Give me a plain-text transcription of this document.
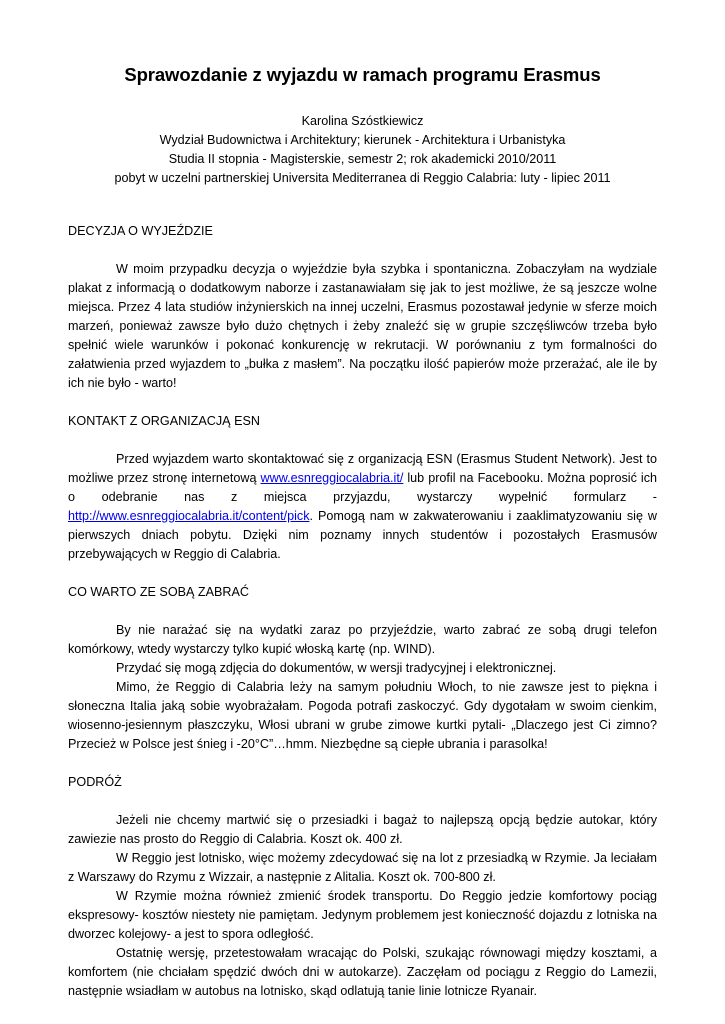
Sprawozdanie z wyjazdu w ramach programu Erasmus
Karolina Szóstkiewicz
Wydział Budownictwa i Architektury; kierunek - Architektura i Urbanistyka
Studia II stopnia - Magisterskie, semestr 2; rok akademicki 2010/2011
pobyt w uczelni partnerskiej Universita Mediterranea di Reggio Calabria: luty - lipiec 2011
DECYZJA O WYJEŹDZIE

W moim przypadku decyzja o wyjeździe była szybka i spontaniczna. Zobaczyłam na wydziale plakat z informacją o dodatkowym naborze i zastanawiałam się jak to jest możliwe, że są jeszcze wolne miejsca. Przez 4 lata studiów inżynierskich na innej uczelni, Erasmus pozostawał jedynie w sferze moich marzeń, ponieważ zawsze było dużo chętnych i żeby znaleźć się w grupie szczęśliwców trzeba było spełnić wiele warunków i pokonać konkurencję w rekrutacji. W porównaniu z tym formalności do załatwienia przed wyjazdem to „bułka z masłem”. Na początku ilość papierów może przerażać, ale ile by ich nie było - warto!

KONTAKT Z ORGANIZACJĄ ESN

Przed wyjazdem warto skontaktować się z organizacją ESN (Erasmus Student Network). Jest to możliwe przez stronę internetową www.esnreggiocalabria.it/ lub profil na Facebooku. Można poprosić ich o odebranie nas z miejsca przyjazdu, wystarczy wypełnić formularz - http://www.esnreggiocalabria.it/content/pick. Pomogą nam w zakwaterowaniu i zaaklimatyzowaniu się w pierwszych dniach pobytu. Dzięki nim poznamy innych studentów i pozostałych Erasmusów przebywających w Reggio di Calabria.

CO WARTO ZE SOBĄ ZABRAĆ

By nie narażać się na wydatki zaraz po przyjeździe, warto zabrać ze sobą drugi telefon komórkowy, wtedy wystarczy tylko kupić włoską kartę (np. WIND).

Przydać się mogą zdjęcia do dokumentów, w wersji tradycyjnej i elektronicznej.

Mimo, że Reggio di Calabria leży na samym południu Włoch, to nie zawsze jest to piękna i słoneczna Italia jaką sobie wyobrażałam. Pogoda potrafi zaskoczyć. Gdy dygotałam w swoim cienkim, wiosenno-jesiennym płaszczyku, Włosi ubrani w grube zimowe kurtki pytali- „Dlaczego jest Ci zimno? Przecież w Polsce jest śnieg i -20°C”…hmm. Niezbędne są ciepłe ubrania i parasolka!

PODRÓŻ

Jeżeli nie chcemy martwić się o przesiadki i bagaż to najlepszą opcją będzie autokar, który zawiezie nas prosto do Reggio di Calabria. Koszt ok. 400 zł.

W Reggio jest lotnisko, więc możemy zdecydować się na lot z przesiadką w Rzymie. Ja leciałam z Warszawy do Rzymu z Wizzair, a następnie z Alitalia. Koszt ok. 700-800 zł.

W Rzymie można również zmienić środek transportu. Do Reggio jedzie komfortowy pociąg ekspresowy- kosztów niestety nie pamiętam. Jedynym problemem jest konieczność dojazdu z lotniska na dworzec kolejowy- a jest to spora odległość.

Ostatnię wersję, przetestowałam wracając do Polski, szukając równowagi między kosztami, a komfortem (nie chciałam spędzić dwóch dni w autokarze). Zaczęłam od pociągu z Reggio do Lamezii, następnie wsiadłam w autobus na lotnisko, skąd odlatują tanie linie lotnicze Ryanair.
